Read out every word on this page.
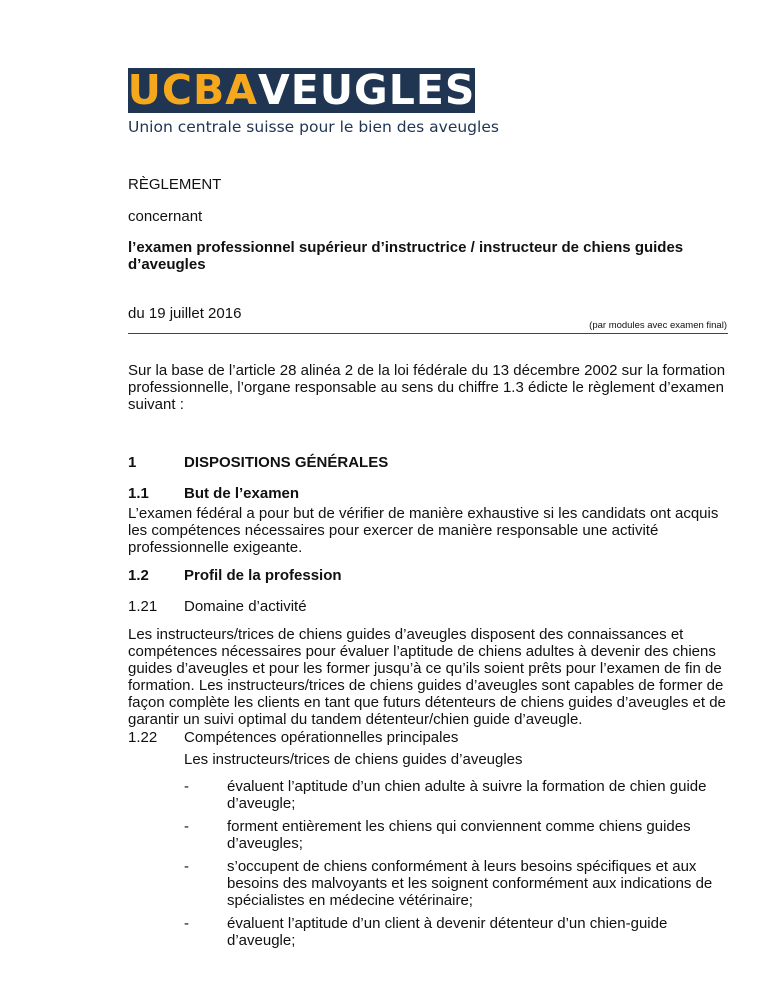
UCBA VEUGLES
Union centrale suisse pour le bien des aveugles
RÈGLEMENT
concernant
l’examen professionnel supérieur d’instructrice / instructeur de chiens guides d’aveugles
du 19 juillet 2016
(par modules avec examen final)
Sur la base de l’article 28 alinéa 2 de la loi fédérale du 13 décembre 2002 sur la formation professionnelle, l’organe responsable au sens du chiffre 1.3 édicte le règlement d’examen suivant :
1	DISPOSITIONS GÉNÉRALES
1.1 But de l’examen
L’examen fédéral a pour but de vérifier de manière exhaustive si les candidats ont acquis les compétences nécessaires pour exercer de manière responsable une activité professionnelle exigeante.
1.2 Profil de la profession
1.21 Domaine d’activité
Les instructeurs/trices de chiens guides d’aveugles disposent des connaissances et compétences nécessaires pour évaluer l’aptitude de chiens adultes à devenir des chiens guides d’aveugles et pour les former jusqu’à ce qu’ils soient prêts pour l’examen de fin de formation. Les instructeurs/trices de chiens guides d’aveugles sont capables de former de façon complète les clients en tant que futurs détenteurs de chiens guides d’aveugles et de garantir un suivi optimal du tandem détenteur/chien guide d’aveugle.
1.22 Compétences opérationnelles principales
Les instructeurs/trices de chiens guides d’aveugles
-	évaluent l’aptitude d’un chien adulte à suivre la formation de chien guide d’aveugle;
-	forment entièrement les chiens qui conviennent comme chiens guides d’aveugles;
-	s’occupent de chiens conformément à leurs besoins spécifiques et aux besoins des malvoyants et les soignent conformément aux indications de spécialistes en médecine vétérinaire;
-	évaluent l’aptitude d’un client à devenir détenteur d’un chien-guide d’aveugle;
